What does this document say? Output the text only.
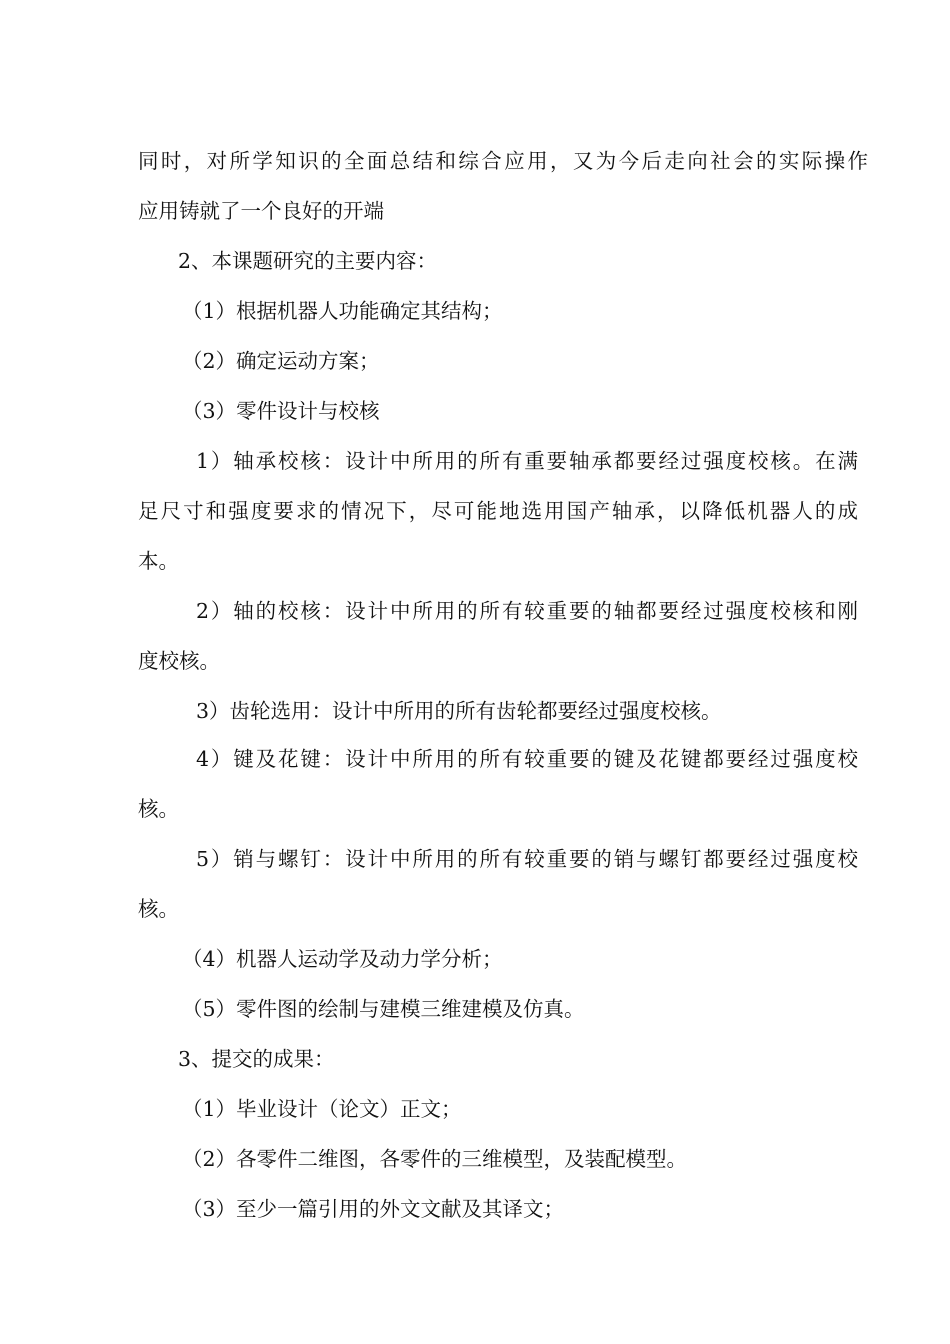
同时，对所学知识的全面总结和综合应用，又为今后走向社会的实际操作
应用铸就了一个良好的开端
2、本课题研究的主要内容：
（1）根据机器人功能确定其结构；
（2）确定运动方案；
（3）零件设计与校核
1）轴承校核：设计中所用的所有重要轴承都要经过强度校核。在满
足尺寸和强度要求的情况下，尽可能地选用国产轴承，以降低机器人的成
本。
2）轴的校核：设计中所用的所有较重要的轴都要经过强度校核和刚
度校核。
3）齿轮选用：设计中所用的所有齿轮都要经过强度校核。
4）键及花键：设计中所用的所有较重要的键及花键都要经过强度校
核。
5）销与螺钉：设计中所用的所有较重要的销与螺钉都要经过强度校
核。
（4）机器人运动学及动力学分析；
（5）零件图的绘制与建模三维建模及仿真。
3、提交的成果：
（1）毕业设计（论文）正文；
（2）各零件二维图，各零件的三维模型，及装配模型。
（3）至少一篇引用的外文文献及其译文；
